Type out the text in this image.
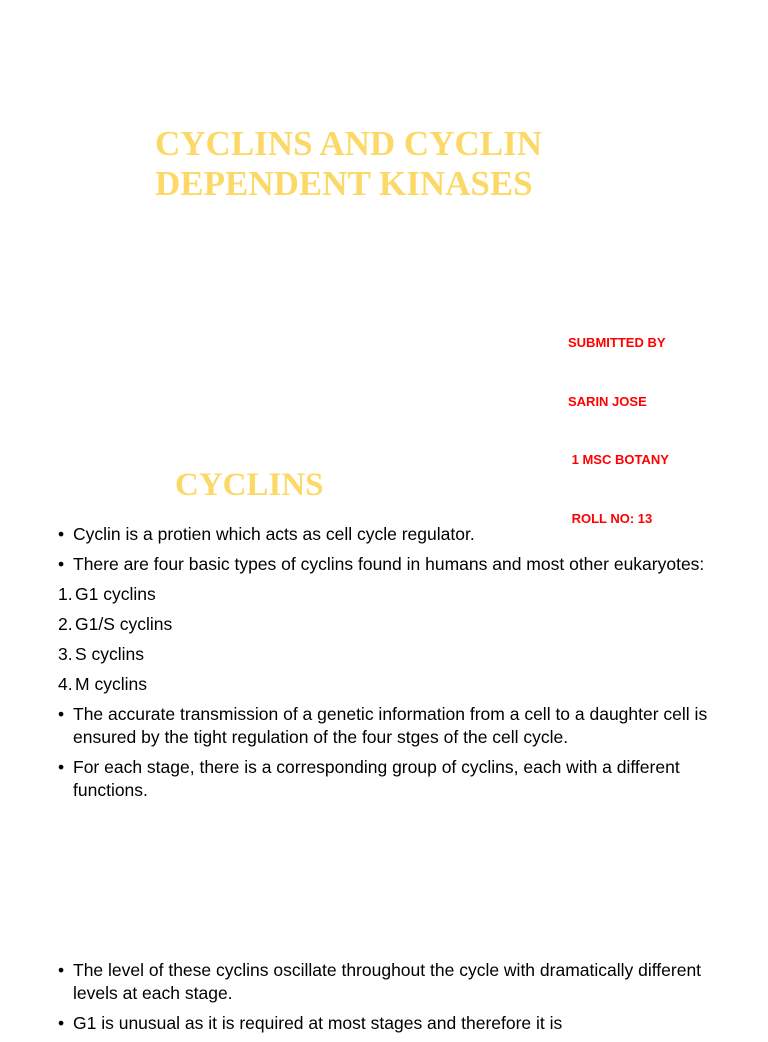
CYCLINS AND CYCLIN
DEPENDENT KINASES

SUBMITTED BY

SARIN JOSE

1 MSC BOTANY

ROLL NO: 13

CYCLINS
• Cyclin is a protien which acts as cell cycle regulator.
• There are four basic types of cyclins found in humans and most other eukaryotes:
1. G1 cyclins
2. G1/S cyclins
3. S cyclins
4. M cyclins
• The accurate transmission of a genetic information from a cell to a daughter cell is ensured by the tight regulation of the four stges of the cell cycle.
• For each stage, there is a corresponding group of cyclins, each with a different functions.
• The level of these cyclins oscillate throughout the cycle with dramatically different levels at each stage.
• G1 is unusual as it is required at most stages and therefore it is
